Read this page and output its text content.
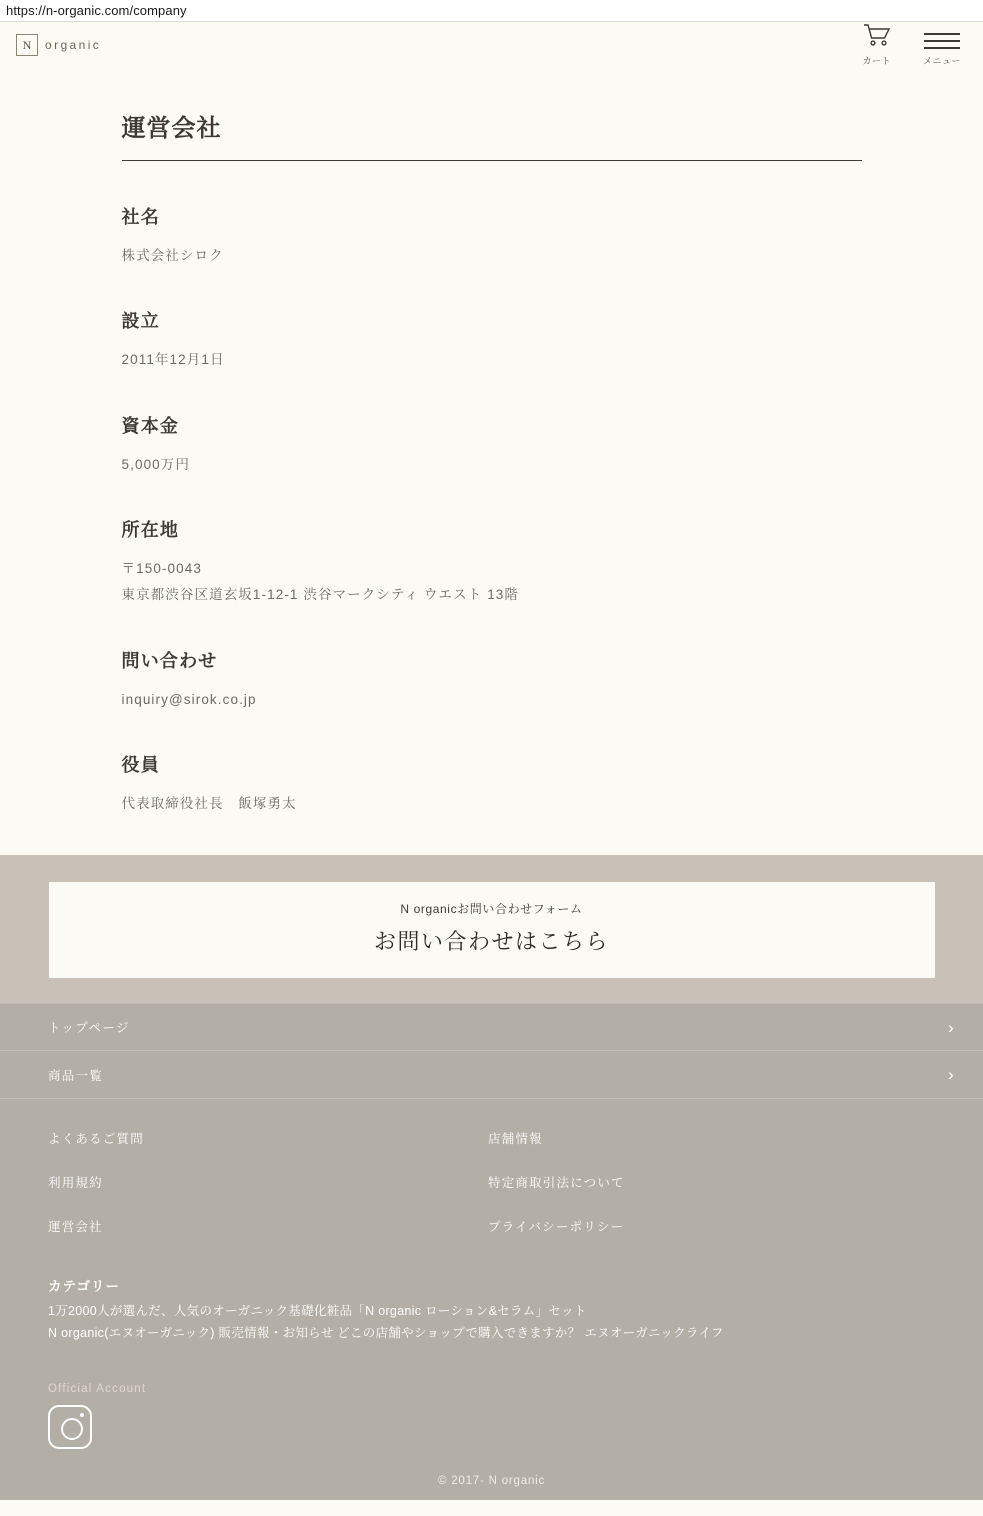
https://n-organic.com/company
N	organic
カート	メニュー
運営会社
社名

株式会社シロク

設立

2011年12月1日

資本金

5,000万円

所在地

〒150-0043

東京都渋谷区道玄坂1-12-1 渋谷マークシティ ウエスト 13階

問い合わせ

inquiry@sirok.co.jp

役員

代表取締役社長　飯塚勇太

N organicお問い合わせフォーム
お問い合わせはこちら
トップページ	›
商品一覧	›
よくあるご質問
利用規約
運営会社
店舗情報
特定商取引法について
プライバシーポリシー
カテゴリー

1万2000人が選んだ、人気のオーガニック基礎化粧品「N organic ローション&セラム」セット

N organic(エヌオーガニック) 販売情報・お知らせ どこの店舗やショップで購入できますか？ エヌオーガニックライフ

Official Account
© 2017- N organic
